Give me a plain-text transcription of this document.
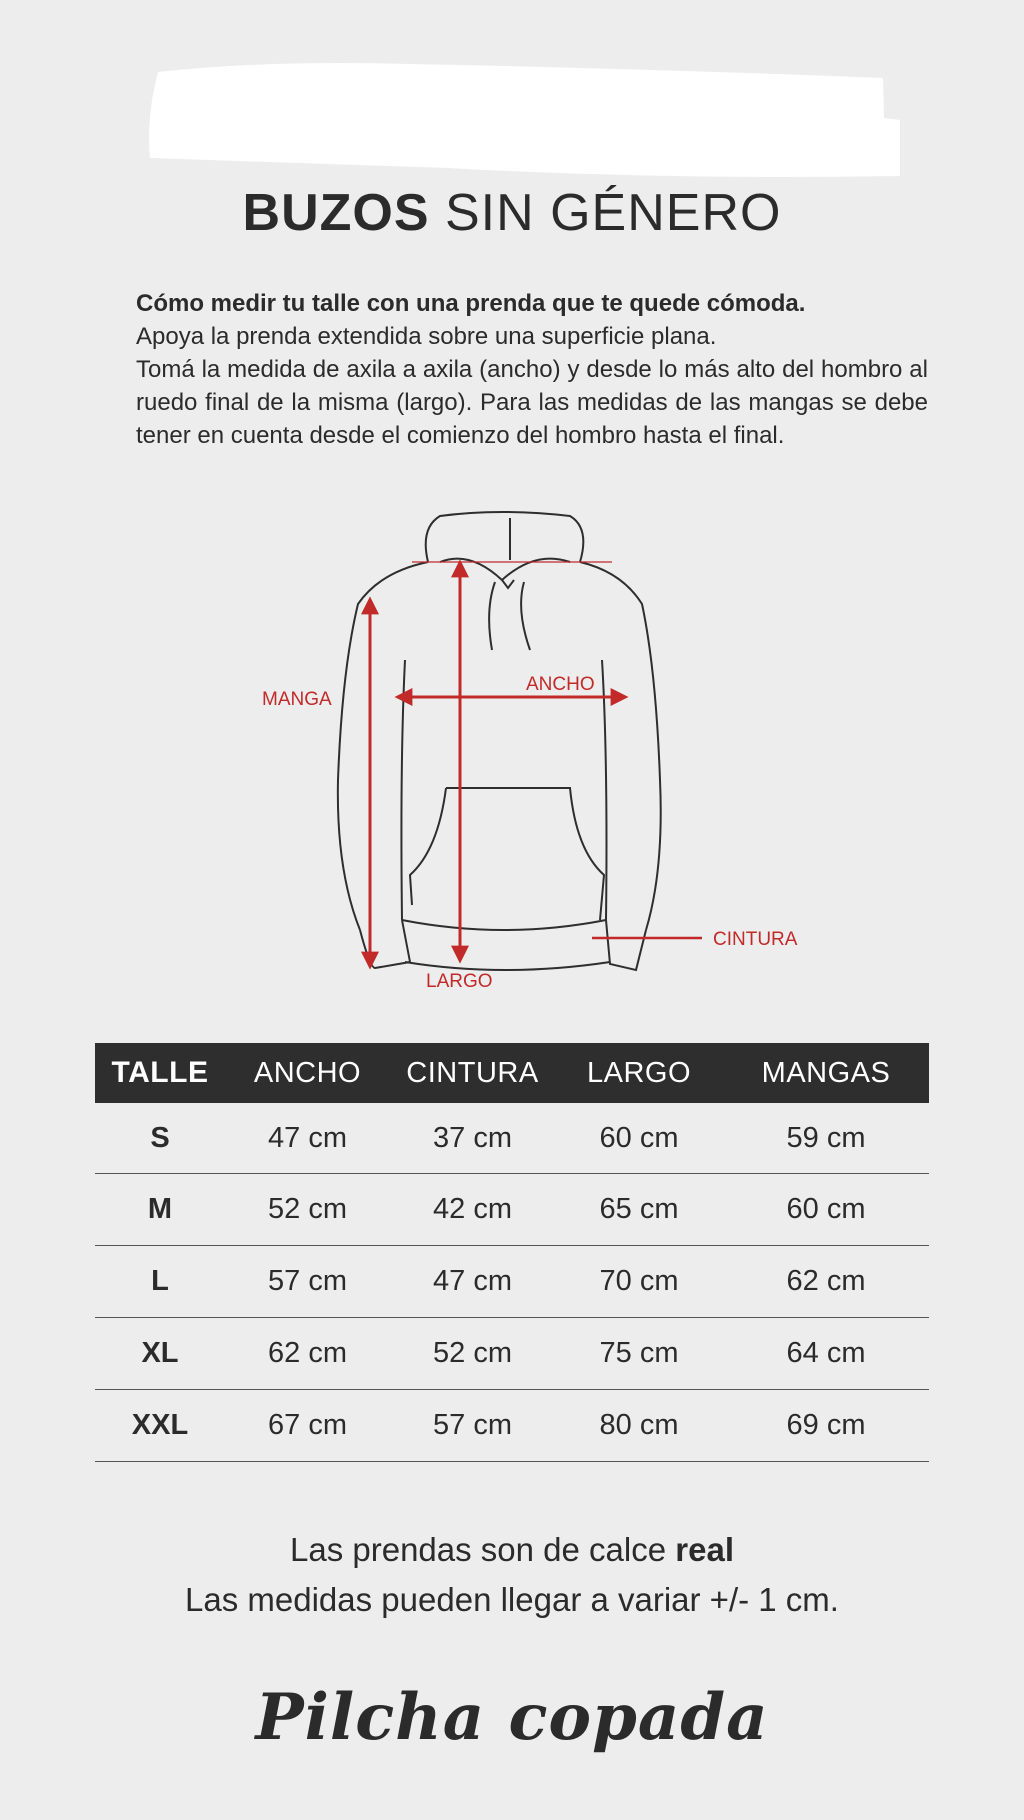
BUZOS SIN GÉNERO

Cómo medir tu talle con una prenda que te quede cómoda.

Apoya la prenda extendida sobre una superficie plana.

Tomá la medida de axila a axila (ancho) y desde lo más alto del hombro al ruedo final de la misma (largo). Para las medidas de las mangas se debe tener en cuenta desde el comienzo del hombro hasta el final.

MANGA
ANCHO
CINTURA
LARGO
TALLE	ANCHO	CINTURA	LARGO	MANGAS
S	47 cm	37 cm	60 cm	59 cm
M	52 cm	42 cm	65 cm	60 cm
L	57 cm	47 cm	70 cm	62 cm
XL	62 cm	52 cm	75 cm	64 cm
XXL	67 cm	57 cm	80 cm	69 cm

Las prendas son de calce real

Las medidas pueden llegar a variar +/- 1 cm.

Pilcha copada
